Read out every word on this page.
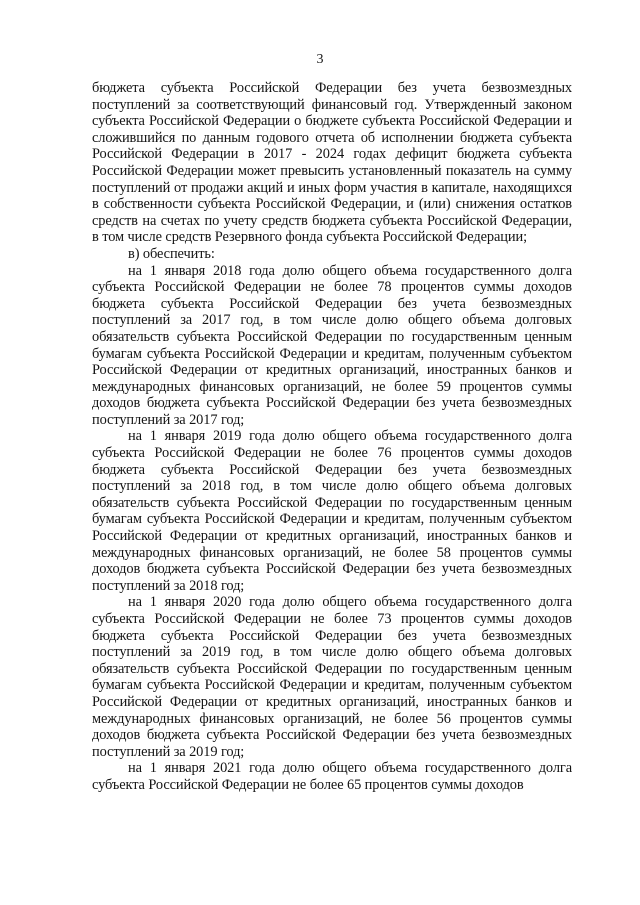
3

бюджета субъекта Российской Федерации без учета безвозмездных поступлений за соответствующий финансовый год. Утвержденный законом субъекта Российской Федерации о бюджете субъекта Российской Федерации и сложившийся по данным годового отчета об исполнении бюджета субъекта Российской Федерации в 2017 - 2024 годах дефицит бюджета субъекта Российской Федерации может превысить установленный показатель на сумму поступлений от продажи акций и иных форм участия в капитале, находящихся в собственности субъекта Российской Федерации, и (или) снижения остатков средств на счетах по учету средств бюджета субъекта Российской Федерации, в том числе средств Резервного фонда субъекта Российской Федерации;

в) обеспечить:

на 1 января 2018 года долю общего объема государственного долга субъекта Российской Федерации не более 78 процентов суммы доходов бюджета субъекта Российской Федерации без учета безвозмездных поступлений за 2017 год, в том числе долю общего объема долговых обязательств субъекта Российской Федерации по государственным ценным бумагам субъекта Российской Федерации и кредитам, полученным субъектом Российской Федерации от кредитных организаций, иностранных банков и международных финансовых организаций, не более 59 процентов суммы доходов бюджета субъекта Российской Федерации без учета безвозмездных поступлений за 2017 год;

на 1 января 2019 года долю общего объема государственного долга субъекта Российской Федерации не более 76 процентов суммы доходов бюджета субъекта Российской Федерации без учета безвозмездных поступлений за 2018 год, в том числе долю общего объема долговых обязательств субъекта Российской Федерации по государственным ценным бумагам субъекта Российской Федерации и кредитам, полученным субъектом Российской Федерации от кредитных организаций, иностранных банков и международных финансовых организаций, не более 58 процентов суммы доходов бюджета субъекта Российской Федерации без учета безвозмездных поступлений за 2018 год;

на 1 января 2020 года долю общего объема государственного долга субъекта Российской Федерации не более 73 процентов суммы доходов бюджета субъекта Российской Федерации без учета безвозмездных поступлений за 2019 год, в том числе долю общего объема долговых обязательств субъекта Российской Федерации по государственным ценным бумагам субъекта Российской Федерации и кредитам, полученным субъектом Российской Федерации от кредитных организаций, иностранных банков и международных финансовых организаций, не более 56 процентов суммы доходов бюджета субъекта Российской Федерации без учета безвозмездных поступлений за 2019 год;

на 1 января 2021 года долю общего объема государственного долга субъекта Российской Федерации не более 65 процентов суммы доходов
